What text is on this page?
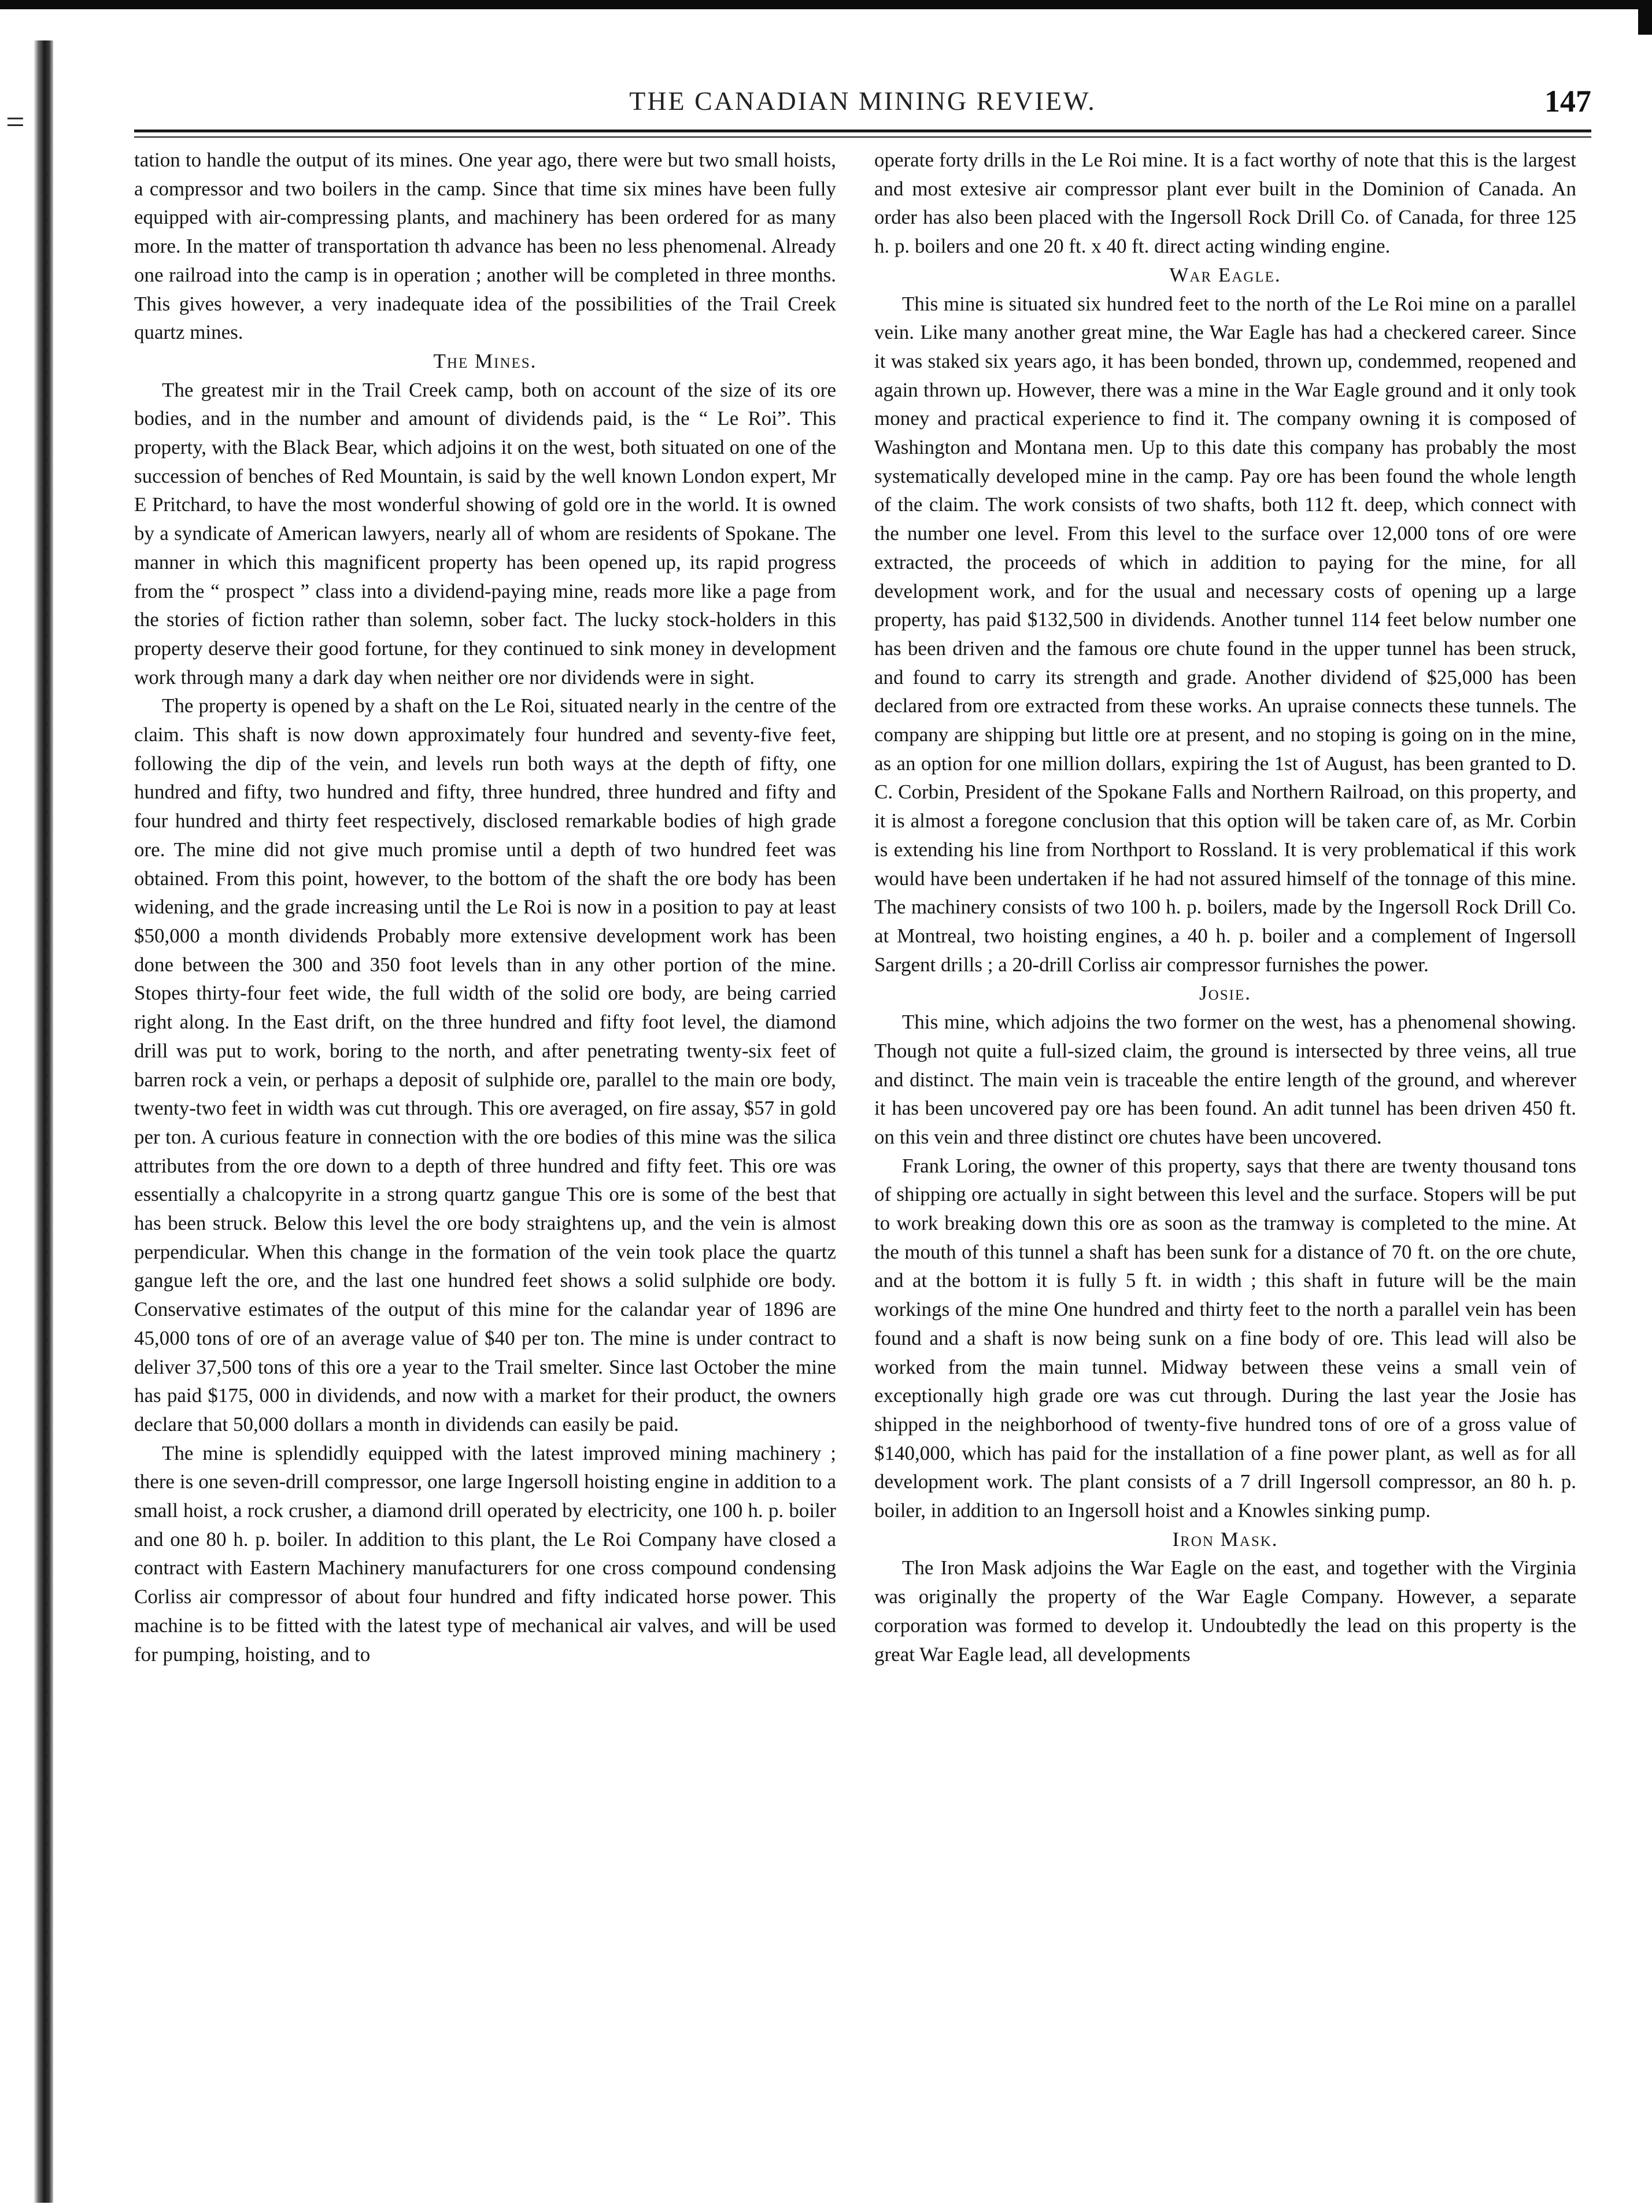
=
THE CANADIAN MINING REVIEW.	147

tation to handle the output of its mines. One year ago, there were but two small hoists, a compressor and two boilers in the camp. Since that time six mines have been fully equipped with air-compressing plants, and machinery has been ordered for as many more. In the matter of transportation th advance has been no less phenomenal. Already one railroad into the camp is in operation ; another will be completed in three months. This gives however, a very inadequate idea of the possibilities of the Trail Creek quartz mines.

The Mines.

The greatest mir in the Trail Creek camp, both on account of the size of its ore bodies, and in the number and amount of dividends paid, is the “ Le Roi”. This property, with the Black Bear, which adjoins it on the west, both situated on one of the succession of benches of Red Mountain, is said by the well known London expert, Mr E Pritchard, to have the most wonderful showing of gold ore in the world. It is owned by a syndicate of American lawyers, nearly all of whom are residents of Spokane. The manner in which this magnificent property has been opened up, its rapid progress from the “ prospect ” class into a dividend-paying mine, reads more like a page from the stories of fiction rather than solemn, sober fact. The lucky stock-holders in this property deserve their good fortune, for they continued to sink money in development work through many a dark day when neither ore nor dividends were in sight.

The property is opened by a shaft on the Le Roi, situated nearly in the centre of the claim. This shaft is now down approximately four hundred and seventy-five feet, following the dip of the vein, and levels run both ways at the depth of fifty, one hundred and fifty, two hundred and fifty, three hundred, three hundred and fifty and four hundred and thirty feet respectively, disclosed remarkable bodies of high grade ore. The mine did not give much promise until a depth of two hundred feet was obtained. From this point, however, to the bottom of the shaft the ore body has been widening, and the grade increasing until the Le Roi is now in a position to pay at least $50,000 a month dividends Probably more extensive development work has been done between the 300 and 350 foot levels than in any other portion of the mine. Stopes thirty-four feet wide, the full width of the solid ore body, are being carried right along. In the East drift, on the three hundred and fifty foot level, the diamond drill was put to work, boring to the north, and after penetrating twenty-six feet of barren rock a vein, or perhaps a deposit of sulphide ore, parallel to the main ore body, twenty-two feet in width was cut through. This ore averaged, on fire assay, $57 in gold per ton. A curious feature in connection with the ore bodies of this mine was the silica attributes from the ore down to a depth of three hundred and fifty feet. This ore was essentially a chalcopyrite in a strong quartz gangue This ore is some of the best that has been struck. Below this level the ore body straightens up, and the vein is almost perpendicular. When this change in the formation of the vein took place the quartz gangue left the ore, and the last one hundred feet shows a solid sulphide ore body. Conservative estimates of the output of this mine for the calandar year of 1896 are 45,000 tons of ore of an average value of $40 per ton. The mine is under contract to deliver 37,500 tons of this ore a year to the Trail smelter. Since last October the mine has paid $175, 000 in dividends, and now with a market for their product, the owners declare that 50,000 dollars a month in dividends can easily be paid.

The mine is splendidly equipped with the latest improved mining machinery ; there is one seven-drill compressor, one large Ingersoll hoisting engine in addition to a small hoist, a rock crusher, a diamond drill operated by electricity, one 100 h. p. boiler and one 80 h. p. boiler. In addition to this plant, the Le Roi Company have closed a contract with Eastern Machinery manufacturers for one cross compound condensing Corliss air compressor of about four hundred and fifty indicated horse power. This machine is to be fitted with the latest type of mechanical air valves, and will be used for pumping, hoisting, and to

operate forty drills in the Le Roi mine. It is a fact worthy of note that this is the largest and most extesive air compressor plant ever built in the Dominion of Canada. An order has also been placed with the Ingersoll Rock Drill Co. of Canada, for three 125 h. p. boilers and one 20 ft. x 40 ft. direct acting winding engine.

War Eagle.

This mine is situated six hundred feet to the north of the Le Roi mine on a parallel vein. Like many another great mine, the War Eagle has had a checkered career. Since it was staked six years ago, it has been bonded, thrown up, condemmed, reopened and again thrown up. However, there was a mine in the War Eagle ground and it only took money and practical experience to find it. The company owning it is composed of Washington and Montana men. Up to this date this company has probably the most systematically developed mine in the camp. Pay ore has been found the whole length of the claim. The work consists of two shafts, both 112 ft. deep, which connect with the number one level. From this level to the surface over 12,000 tons of ore were extracted, the proceeds of which in addition to paying for the mine, for all development work, and for the usual and necessary costs of opening up a large property, has paid $132,500 in dividends. Another tunnel 114 feet below number one has been driven and the famous ore chute found in the upper tunnel has been struck, and found to carry its strength and grade. Another dividend of $25,000 has been declared from ore extracted from these works. An upraise connects these tunnels. The company are shipping but little ore at present, and no stoping is going on in the mine, as an option for one million dollars, expiring the 1st of August, has been granted to D. C. Corbin, President of the Spokane Falls and Northern Railroad, on this property, and it is almost a foregone conclusion that this option will be taken care of, as Mr. Corbin is extending his line from Northport to Rossland. It is very problematical if this work would have been undertaken if he had not assured himself of the tonnage of this mine. The machinery consists of two 100 h. p. boilers, made by the Ingersoll Rock Drill Co. at Montreal, two hoisting engines, a 40 h. p. boiler and a complement of Ingersoll Sargent drills ; a 20-drill Corliss air compressor furnishes the power.

Josie.

This mine, which adjoins the two former on the west, has a phenomenal showing. Though not quite a full-sized claim, the ground is intersected by three veins, all true and distinct. The main vein is traceable the entire length of the ground, and wherever it has been uncovered pay ore has been found. An adit tunnel has been driven 450 ft. on this vein and three distinct ore chutes have been uncovered.

Frank Loring, the owner of this property, says that there are twenty thousand tons of shipping ore actually in sight between this level and the surface. Stopers will be put to work breaking down this ore as soon as the tramway is completed to the mine. At the mouth of this tunnel a shaft has been sunk for a distance of 70 ft. on the ore chute, and at the bottom it is fully 5 ft. in width ; this shaft in future will be the main workings of the mine One hundred and thirty feet to the north a parallel vein has been found and a shaft is now being sunk on a fine body of ore. This lead will also be worked from the main tunnel. Midway between these veins a small vein of exceptionally high grade ore was cut through. During the last year the Josie has shipped in the neighborhood of twenty-five hundred tons of ore of a gross value of $140,000, which has paid for the installation of a fine power plant, as well as for all development work. The plant consists of a 7 drill Ingersoll compressor, an 80 h. p. boiler, in addition to an Ingersoll hoist and a Knowles sinking pump.

Iron Mask.

The Iron Mask adjoins the War Eagle on the east, and together with the Virginia was originally the property of the War Eagle Company. However, a separate corporation was formed to develop it. Undoubtedly the lead on this property is the great War Eagle lead, all developments
